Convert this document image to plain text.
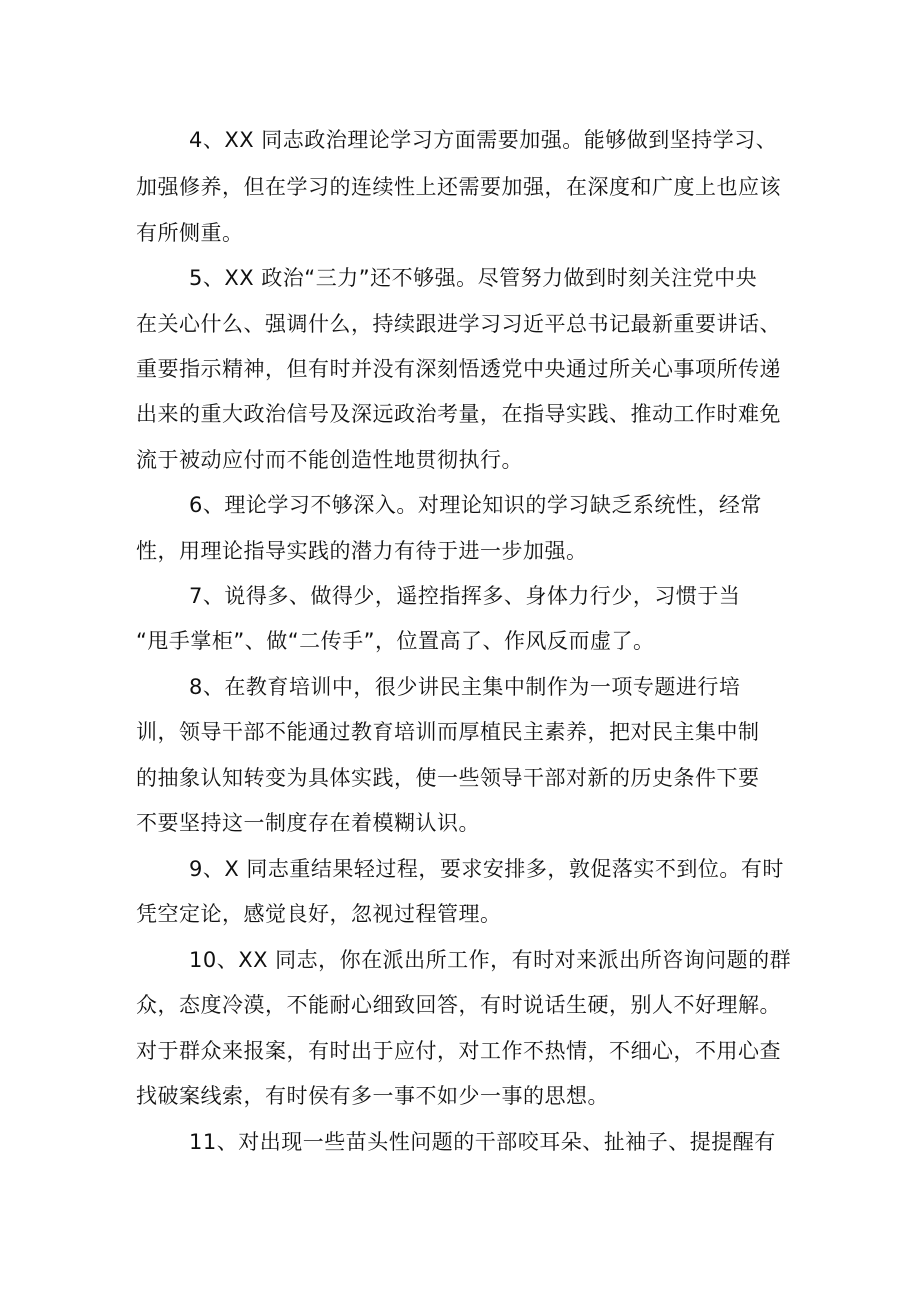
4、XX 同志政治理论学习方面需要加强。能够做到坚持学习、
加强修养，但在学习的连续性上还需要加强，在深度和广度上也应该
有所侧重。
5、XX 政治“三力”还不够强。尽管努力做到时刻关注党中央
在关心什么、强调什么，持续跟进学习习近平总书记最新重要讲话、
重要指示精神，但有时并没有深刻悟透党中央通过所关心事项所传递
出来的重大政治信号及深远政治考量，在指导实践、推动工作时难免
流于被动应付而不能创造性地贯彻执行。
6、理论学习不够深入。对理论知识的学习缺乏系统性，经常
性，用理论指导实践的潜力有待于进一步加强。
7、说得多、做得少，遥控指挥多、身体力行少，习惯于当
“甩手掌柜”、做“二传手”，位置高了、作风反而虚了。
8、在教育培训中，很少讲民主集中制作为一项专题进行培
训，领导干部不能通过教育培训而厚植民主素养，把对民主集中制
的抽象认知转变为具体实践，使一些领导干部对新的历史条件下要
不要坚持这一制度存在着模糊认识。
9、X 同志重结果轻过程，要求安排多，敦促落实不到位。有时
凭空定论，感觉良好，忽视过程管理。
10、XX 同志，你在派出所工作，有时对来派出所咨询问题的群
众，态度冷漠，不能耐心细致回答，有时说话生硬，别人不好理解。
对于群众来报案，有时出于应付，对工作不热情，不细心，不用心查
找破案线索，有时侯有多一事不如少一事的思想。
11、对出现一些苗头性问题的干部咬耳朵、扯袖子、提提醒有
